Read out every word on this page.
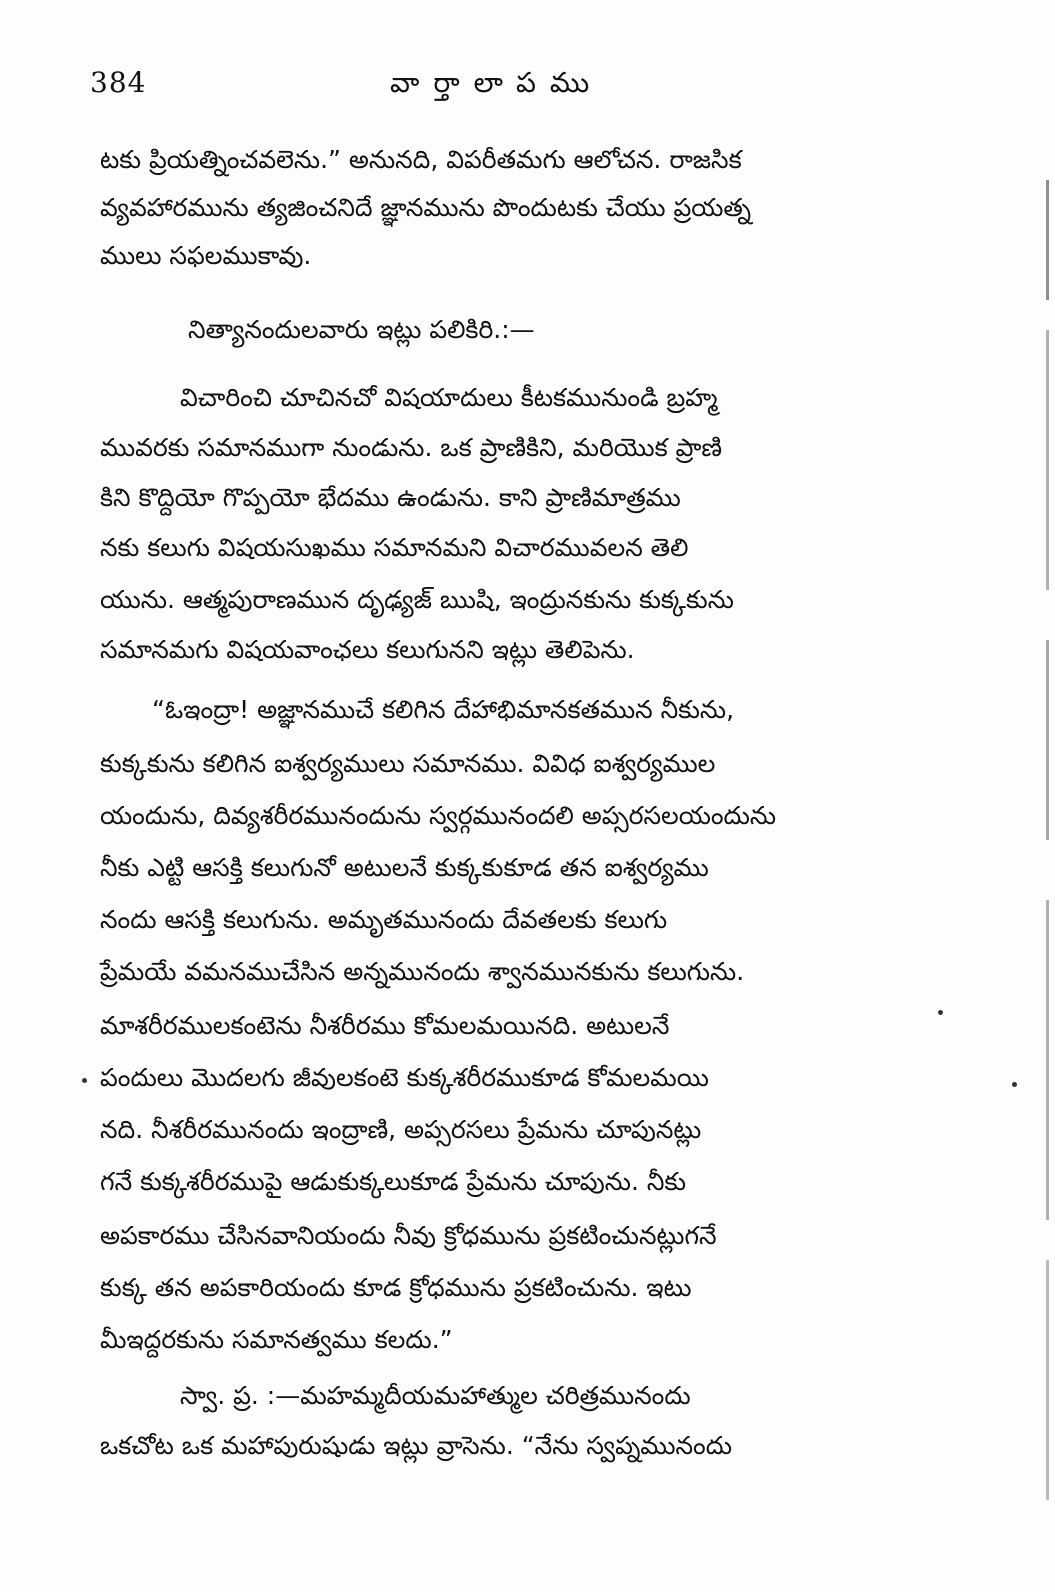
384	వార్తాలాపము
టకు ప్రియత్నించవలెను.” అనునది, విపరీతమగు ఆలోచన. రాజసిక
వ్యవహారమును త్యజించనిదే జ్ఞానమును పొందుటకు చేయు ప్రయత్న
ములు సఫలముకావు.
నిత్యానందులవారు ఇట్లు పలికిరి.:—
విచారించి చూచినచో విషయాదులు కీటకమునుండి బ్రహ్మ
మువరకు సమానముగా నుండును. ఒక ప్రాణికిని, మరియొక ప్రాణి
కిని కొద్దియో గొప్పయో భేదము ఉండును. కాని ప్రాణిమాత్రము
నకు కలుగు విషయసుఖము సమానమని విచారమువలన తెలి
యును. ఆత్మపురాణమున దృఢ్యజ్ ఋషి, ఇంద్రునకును కుక్కకును
సమానమగు విషయవాంఛలు కలుగునని ఇట్లు తెలిపెను.
“ఓఇంద్రా! అజ్ఞానముచే కలిగిన దేహాభిమానకతమున నీకును,
కుక్కకును కలిగిన ఐశ్వర్యములు సమానము. వివిధ ఐశ్వర్యముల
యందును, దివ్యశరీరమునందును స్వర్గమునందలి అప్సరసలయందును
నీకు ఎట్టి ఆసక్తి కలుగునో అటులనే కుక్కకుకూడ తన ఐశ్వర్యము
నందు ఆసక్తి కలుగును. అమృతమునందు దేవతలకు కలుగు
ప్రేమయే వమనముచేసిన అన్నమునందు శ్వానమునకును కలుగును.
మాశరీరములకంటెను నీశరీరము కోమలమయినది. అటులనే
పందులు మొదలగు జీవులకంటె కుక్కశరీరముకూడ కోమలమయి
నది. నీశరీరమునందు ఇంద్రాణి, అప్సరసలు ప్రేమను చూపునట్లు
గనే కుక్కశరీరముపై ఆడుకుక్కలుకూడ ప్రేమను చూపును. నీకు
అపకారము చేసినవానియందు నీవు క్రోధమును ప్రకటించునట్లుగనే
కుక్క తన అపకారియందు కూడ క్రోధమును ప్రకటించును. ఇటు
మీఇద్దరకును సమానత్వము కలదు.”
స్వా. ప్ర. :—మహమ్మదీయమహాత్ముల చరిత్రమునందు
ఒకచోట ఒక మహాపురుషుడు ఇట్లు వ్రాసెను. “నేను స్వప్నమునందు
